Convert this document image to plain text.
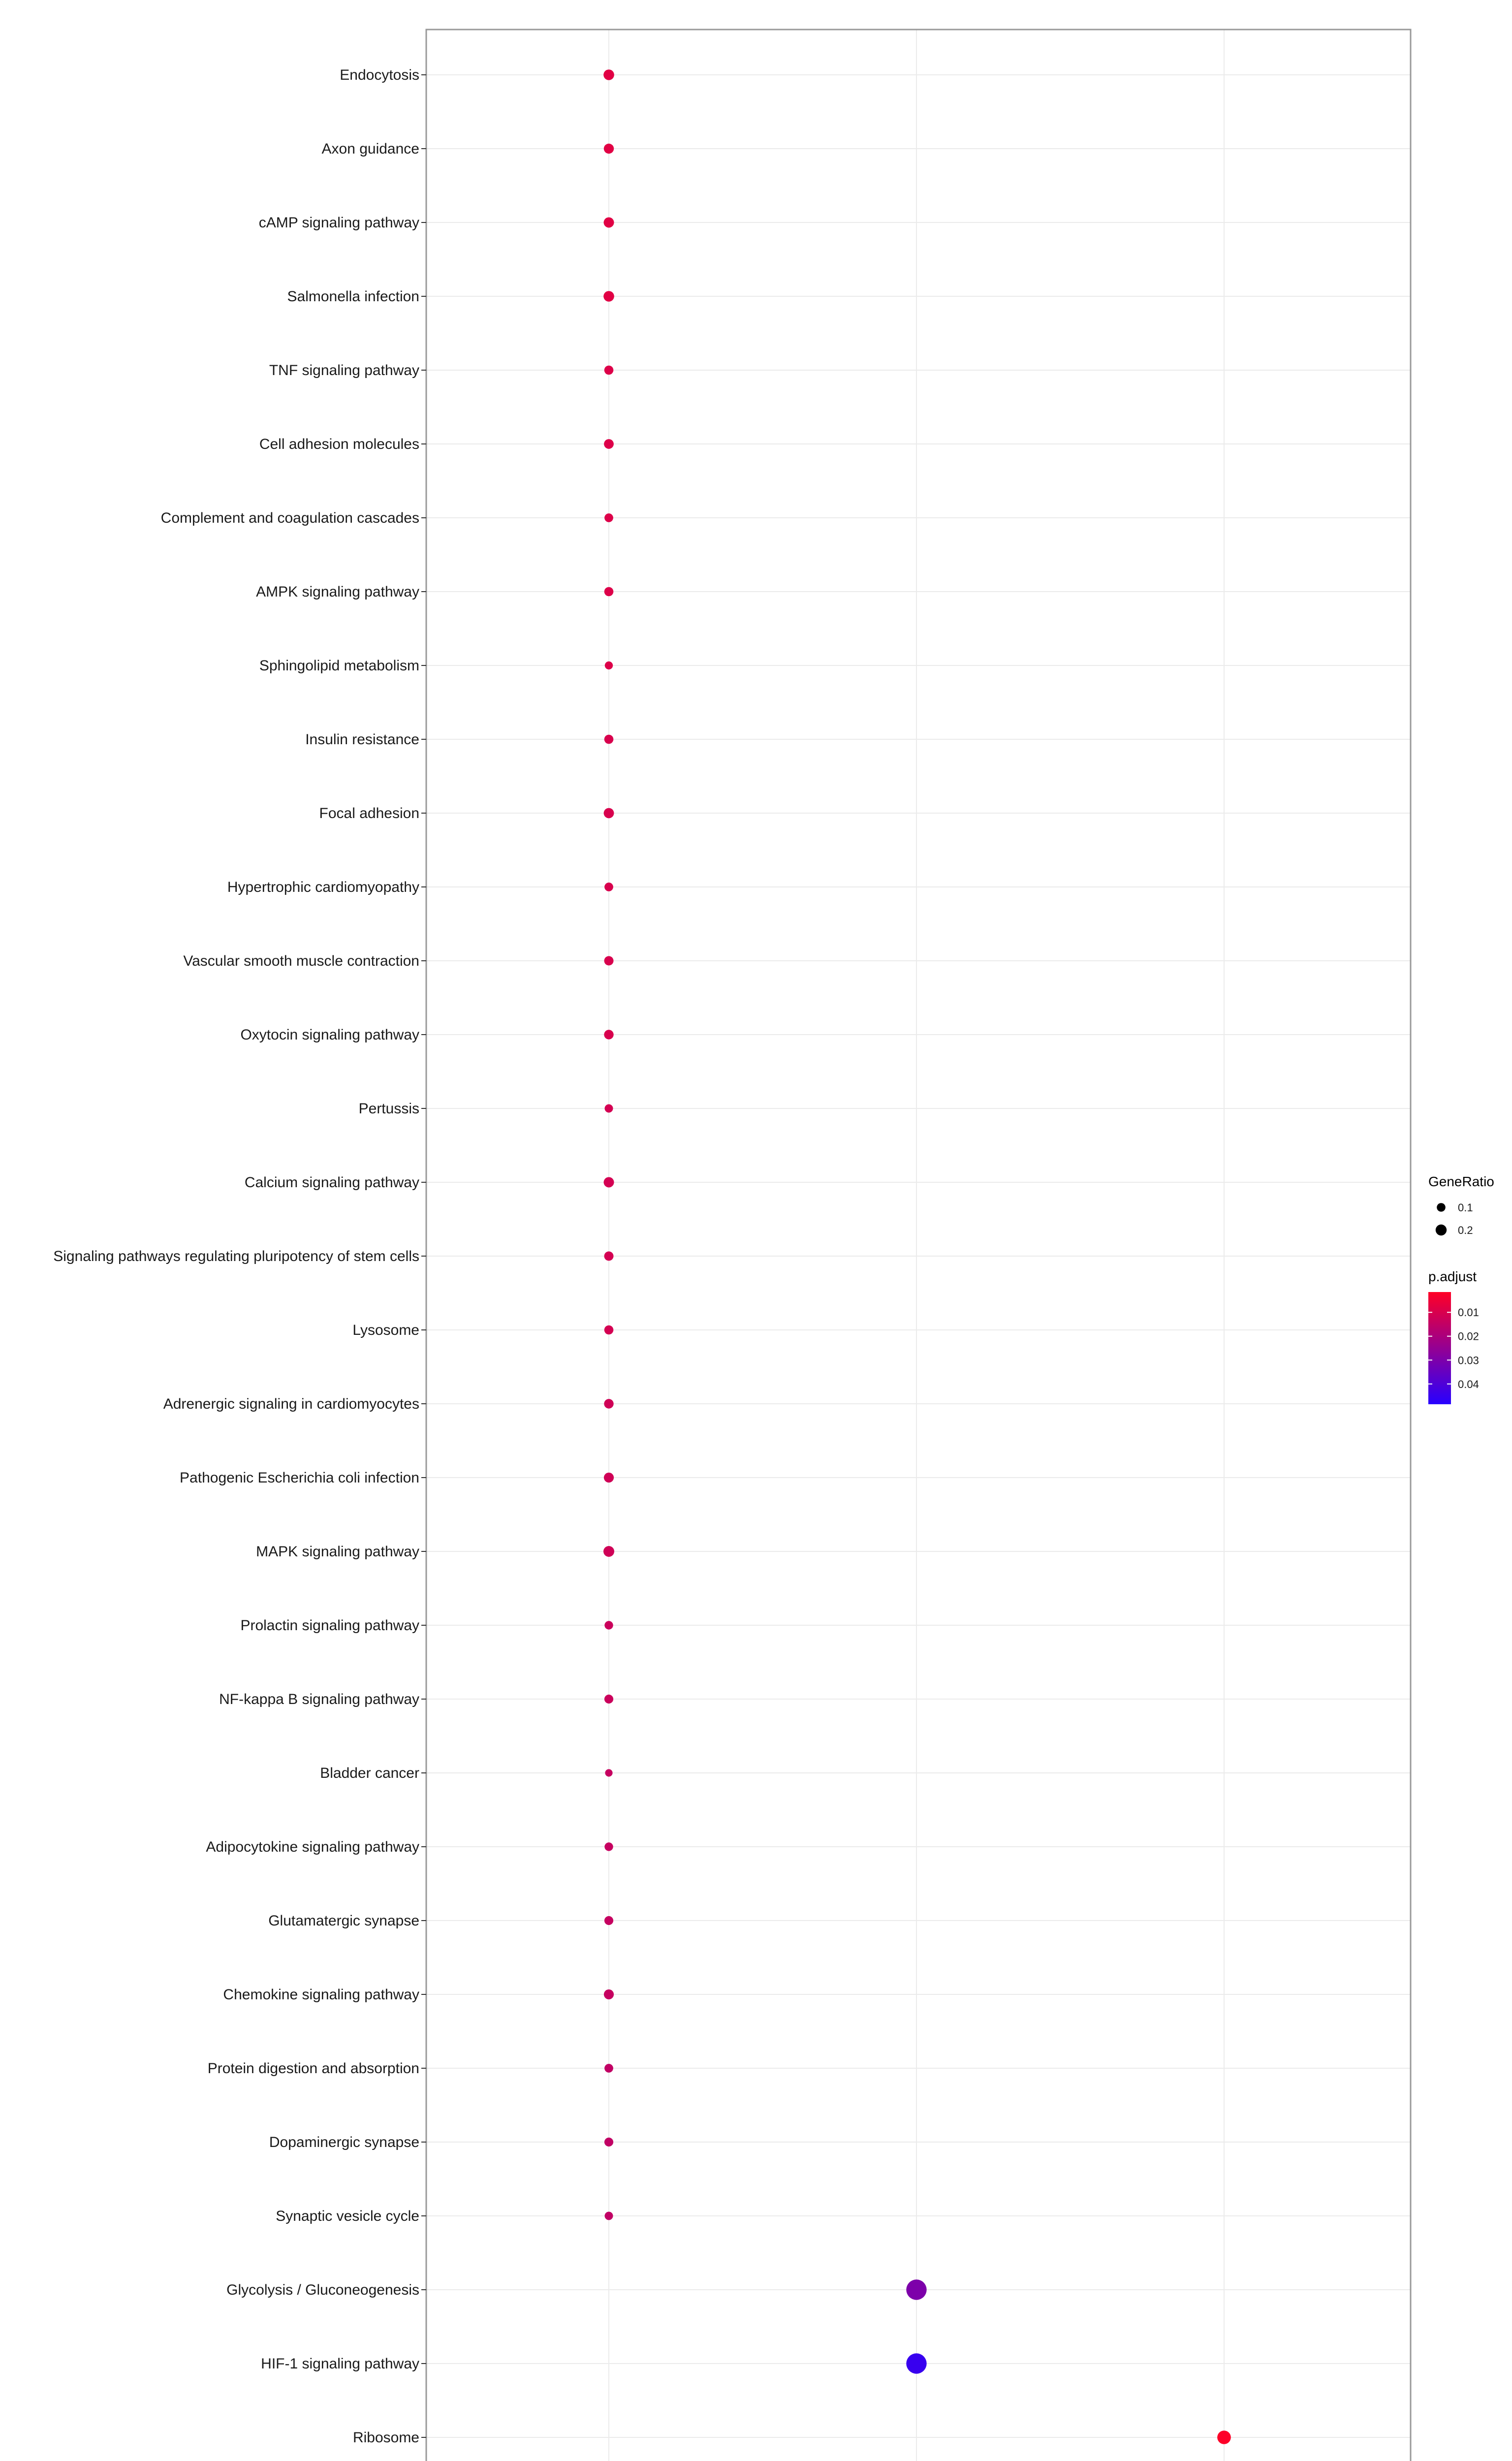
Endocytosis
Axon guidance
cAMP signaling pathway
Salmonella infection
TNF signaling pathway
Cell adhesion molecules
Complement and coagulation cascades
AMPK signaling pathway
Sphingolipid metabolism
Insulin resistance
Focal adhesion
Hypertrophic cardiomyopathy
Vascular smooth muscle contraction
Oxytocin signaling pathway
Pertussis
Calcium signaling pathway
Signaling pathways regulating pluripotency of stem cells
Lysosome
Adrenergic signaling in cardiomyocytes
Pathogenic Escherichia coli infection
MAPK signaling pathway
Prolactin signaling pathway
NF-kappa B signaling pathway
Bladder cancer
Adipocytokine signaling pathway
Glutamatergic synapse
Chemokine signaling pathway
Protein digestion and absorption
Dopaminergic synapse
Synaptic vesicle cycle
Glycolysis / Gluconeogenesis
HIF-1 signaling pathway
Ribosome
GeneRatio
0.1
0.2
p.adjust
0.01
0.02
0.03
0.04
